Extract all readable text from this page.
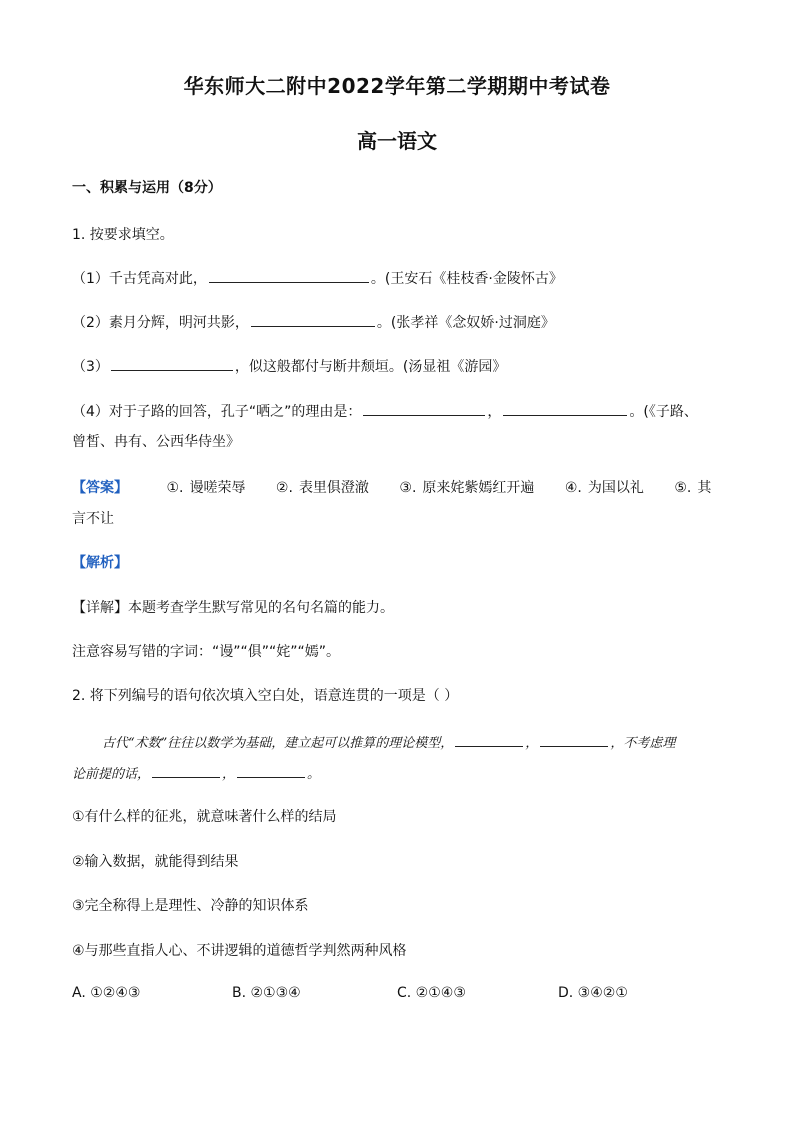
华东师大二附中2022学年第二学期期中考试卷
高一语文
一、积累与运用（8分）
1. 按要求填空。
（1）千古凭高对此，	。(王安石《桂枝香·金陵怀古》
（2）素月分辉，明河共影，	。(张孝祥《念奴娇·过洞庭》
（3）	，似这般都付与断井颓垣。(汤显祖《游园》
（4）对于子路的回答，孔子“哂之”的理由是：	，	。(《子路、
曾皙、冉有、公西华侍坐》
【答案】	①. 谩嗟荣辱 ②. 表里俱澄澈 ③. 原来姹紫嫣红开遍 ④. 为国以礼 ⑤. 其
言不让
【解析】
【详解】本题考查学生默写常见的名句名篇的能力。
注意容易写错的字词：“谩”“俱”“姹”“嫣”。
2. 将下列编号的语句依次填入空白处，语意连贯的一项是（ ）
古代“术数”往往以数学为基础，建立起可以推算的理论模型，	，	，不考虑理
论前提的话，	，	。
①有什么样的征兆，就意味著什么样的结局
②输入数据，就能得到结果
③完全称得上是理性、冷静的知识体系
④与那些直指人心、不讲逻辑的道德哲学判然两种风格
A. ①②④③	B. ②①③④	C. ②①④③	D. ③④②①
